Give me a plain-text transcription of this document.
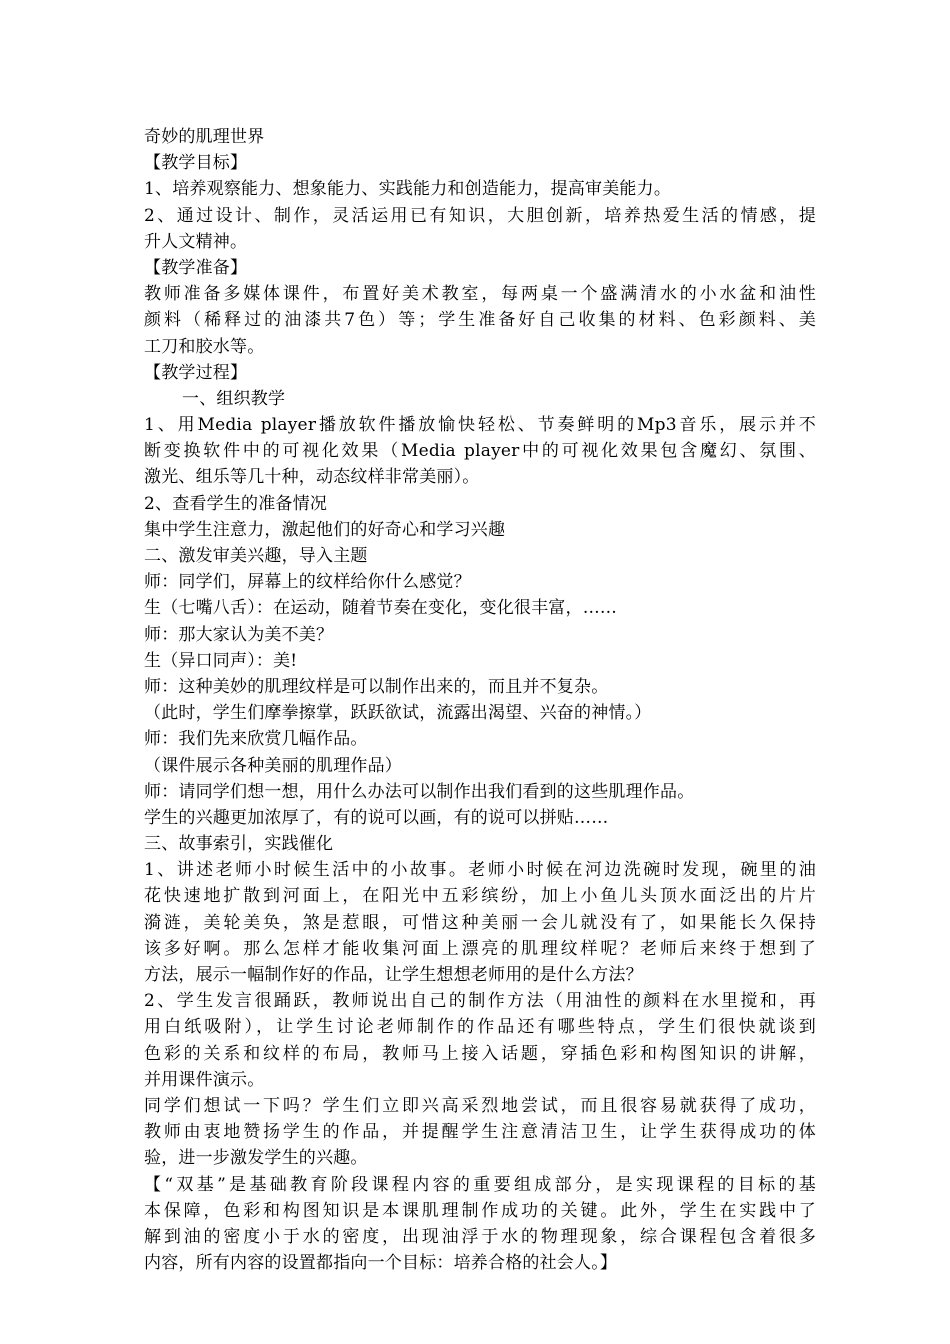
奇妙的肌理世界
【教学目标】
1、培养观察能力、想象能力、实践能力和创造能力，提高审美能力。
2、通过设计、制作，灵活运用已有知识，大胆创新，培养热爱生活的情感，提
升人文精神。
【教学准备】
教师准备多媒体课件，布置好美术教室，每两桌一个盛满清水的小水盆和油性
颜料（稀释过的油漆共7色）等；学生准备好自己收集的材料、色彩颜料、美
工刀和胶水等。
【教学过程】
一、组织教学
1、用Media player播放软件播放愉快轻松、节奏鲜明的Mp3音乐，展示并不
断变换软件中的可视化效果（Media player中的可视化效果包含魔幻、氛围、
激光、组乐等几十种，动态纹样非常美丽）。
2、查看学生的准备情况
集中学生注意力，激起他们的好奇心和学习兴趣
二、激发审美兴趣，导入主题
师：同学们，屏幕上的纹样给你什么感觉？
生（七嘴八舌）：在运动，随着节奏在变化，变化很丰富，……
师：那大家认为美不美？
生（异口同声）：美!
师：这种美妙的肌理纹样是可以制作出来的，而且并不复杂。
（此时，学生们摩拳擦掌，跃跃欲试，流露出渴望、兴奋的神情。）
师：我们先来欣赏几幅作品。
（课件展示各种美丽的肌理作品）
师：请同学们想一想，用什么办法可以制作出我们看到的这些肌理作品。
学生的兴趣更加浓厚了，有的说可以画，有的说可以拼贴……
三、故事索引，实践催化
1、讲述老师小时候生活中的小故事。老师小时候在河边洗碗时发现，碗里的油
花快速地扩散到河面上，在阳光中五彩缤纷，加上小鱼儿头顶水面泛出的片片
漪涟，美轮美奂，煞是惹眼，可惜这种美丽一会儿就没有了，如果能长久保持
该多好啊。那么怎样才能收集河面上漂亮的肌理纹样呢？老师后来终于想到了
方法，展示一幅制作好的作品，让学生想想老师用的是什么方法？
2、学生发言很踊跃，教师说出自己的制作方法（用油性的颜料在水里搅和，再
用白纸吸附），让学生讨论老师制作的作品还有哪些特点，学生们很快就谈到
色彩的关系和纹样的布局，教师马上接入话题，穿插色彩和构图知识的讲解，
并用课件演示。
同学们想试一下吗？学生们立即兴高采烈地尝试，而且很容易就获得了成功，
教师由衷地赞扬学生的作品，并提醒学生注意清洁卫生，让学生获得成功的体
验，进一步激发学生的兴趣。
【“双基”是基础教育阶段课程内容的重要组成部分，是实现课程的目标的基
本保障，色彩和构图知识是本课肌理制作成功的关键。此外，学生在实践中了
解到油的密度小于水的密度，出现油浮于水的物理现象，综合课程包含着很多
内容，所有内容的设置都指向一个目标：培养合格的社会人。】
